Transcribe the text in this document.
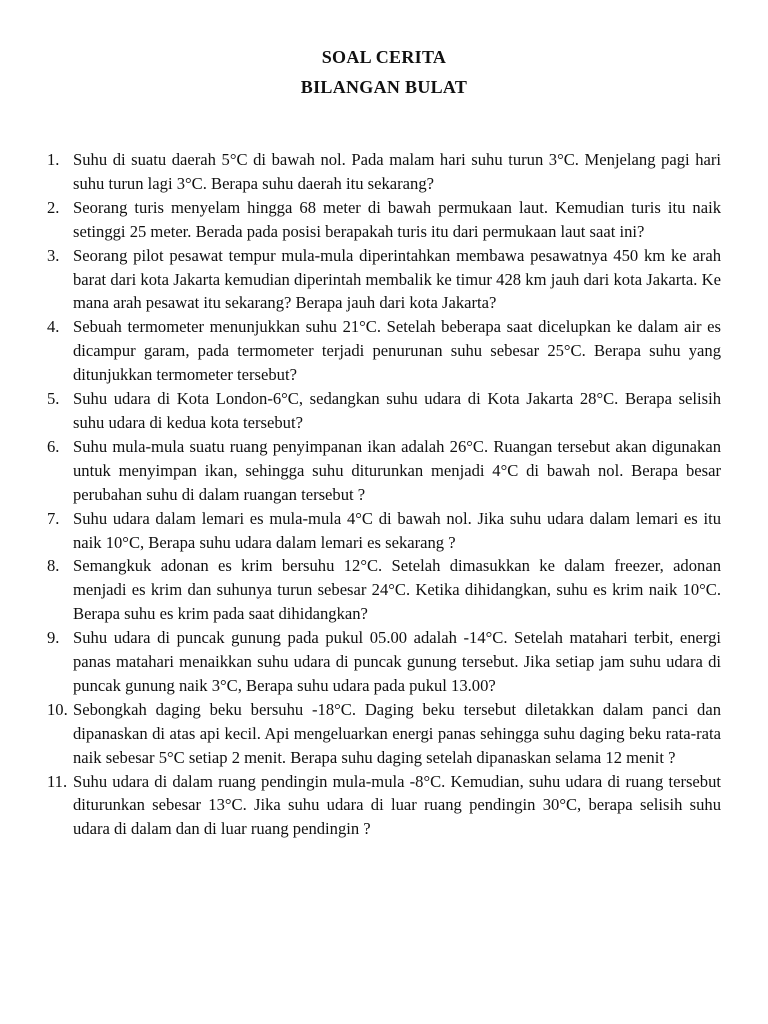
SOAL CERITA
BILANGAN BULAT
1. Suhu di suatu daerah 5°C di bawah nol. Pada malam hari suhu turun 3°C. Menjelang pagi hari suhu turun lagi 3°C. Berapa suhu daerah itu sekarang?
2. Seorang turis menyelam hingga 68 meter di bawah permukaan laut. Kemudian turis itu naik setinggi 25 meter. Berada pada posisi berapakah turis itu dari permukaan laut saat ini?
3. Seorang pilot pesawat tempur mula-mula diperintahkan membawa pesawatnya 450 km ke arah barat dari kota Jakarta kemudian diperintah membalik ke timur 428 km jauh dari kota Jakarta. Ke mana arah pesawat itu sekarang? Berapa jauh dari kota Jakarta?
4. Sebuah termometer menunjukkan suhu 21°C. Setelah beberapa saat dicelupkan ke dalam air es dicampur garam, pada termometer terjadi penurunan suhu sebesar 25°C. Berapa suhu yang ditunjukkan termometer tersebut?
5. Suhu udara di Kota London-6°C, sedangkan suhu udara di Kota Jakarta 28°C. Berapa selisih suhu udara di kedua kota tersebut?
6. Suhu mula-mula suatu ruang penyimpanan ikan adalah 26°C. Ruangan tersebut akan digunakan untuk menyimpan ikan, sehingga suhu diturunkan menjadi 4°C di bawah nol. Berapa besar perubahan suhu di dalam ruangan tersebut ?
7. Suhu udara dalam lemari es mula-mula 4°C di bawah nol. Jika suhu udara dalam lemari es itu naik 10°C, Berapa suhu udara dalam lemari es sekarang ?
8. Semangkuk adonan es krim bersuhu 12°C. Setelah dimasukkan ke dalam freezer, adonan menjadi es krim dan suhunya turun sebesar 24°C. Ketika dihidangkan, suhu es krim naik 10°C. Berapa suhu es krim pada saat dihidangkan?
9. Suhu udara di puncak gunung pada pukul 05.00 adalah -14°C. Setelah matahari terbit, energi panas matahari menaikkan suhu udara di puncak gunung tersebut. Jika setiap jam suhu udara di puncak gunung naik 3°C, Berapa suhu udara pada pukul 13.00?
10. Sebongkah daging beku bersuhu -18°C. Daging beku tersebut diletakkan dalam panci dan dipanaskan di atas api kecil. Api mengeluarkan energi panas sehingga suhu daging beku rata-rata naik sebesar 5°C setiap 2 menit. Berapa suhu daging setelah dipanaskan selama 12 menit ?
11. Suhu udara di dalam ruang pendingin mula-mula -8°C. Kemudian, suhu udara di ruang tersebut diturunkan sebesar 13°C. Jika suhu udara di luar ruang pendingin 30°C, berapa selisih suhu udara di dalam dan di luar ruang pendingin ?
